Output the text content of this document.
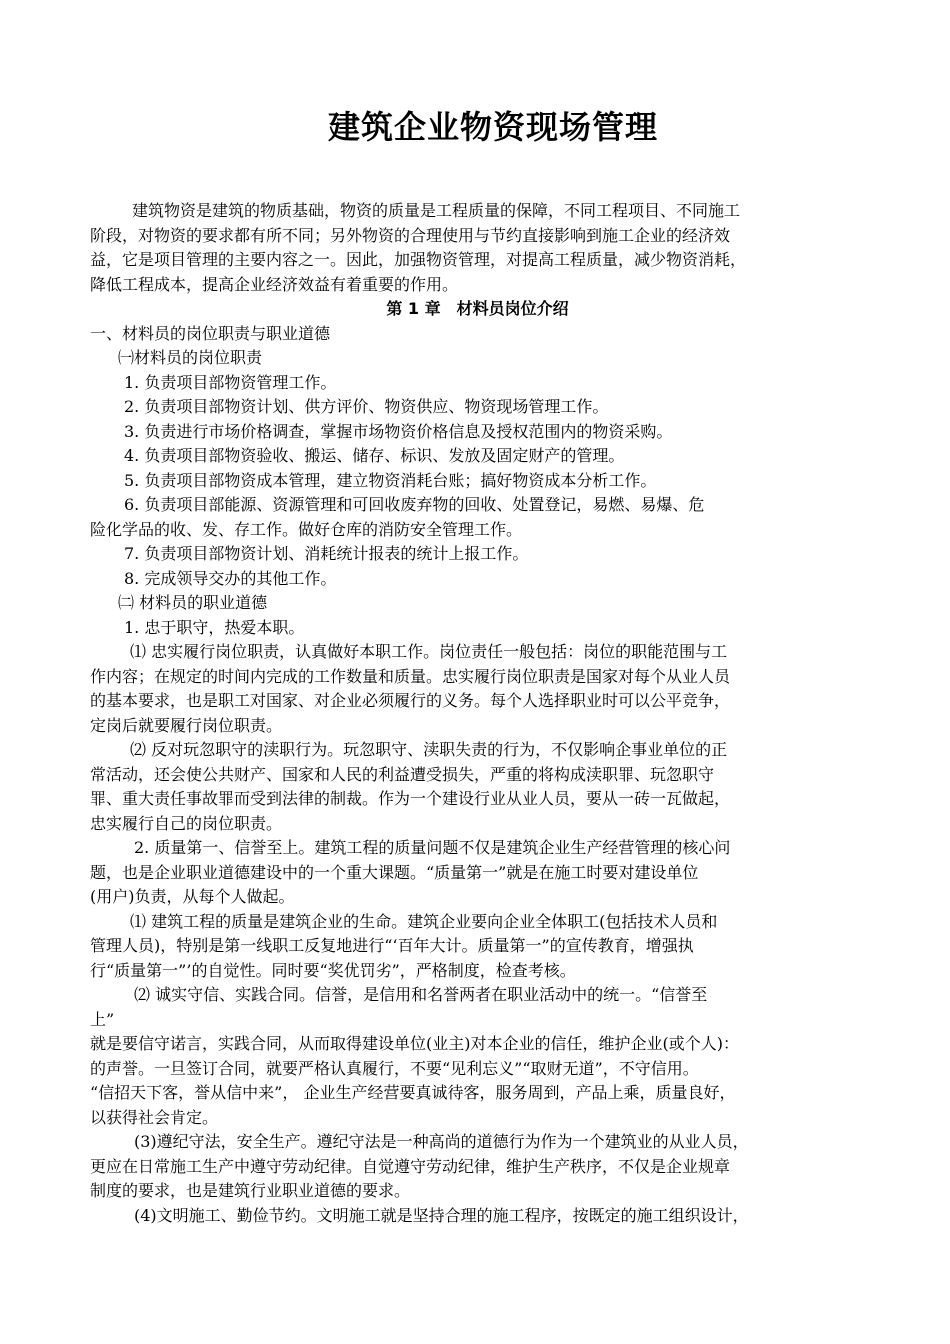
建筑企业物资现场管理
建筑物资是建筑的物质基础，物资的质量是工程质量的保障，不同工程项目、不同施工
阶段，对物资的要求都有所不同；另外物资的合理使用与节约直接影响到施工企业的经济效
益，它是项目管理的主要内容之一。因此，加强物资管理，对提高工程质量，减少物资消耗，
降低工程成本，提高企业经济效益有着重要的作用。
第 1 章　材料员岗位介绍
一、材料员的岗位职责与职业道德
㈠材料员的岗位职责
1. 负责项目部物资管理工作。
2. 负责项目部物资计划、供方评价、物资供应、物资现场管理工作。
3. 负责进行市场价格调查，掌握市场物资价格信息及授权范围内的物资采购。
4. 负责项目部物资验收、搬运、储存、标识、发放及固定财产的管理。
5. 负责项目部物资成本管理，建立物资消耗台账；搞好物资成本分析工作。
6. 负责项目部能源、资源管理和可回收废弃物的回收、处置登记，易燃、易爆、危
险化学品的收、发、存工作。做好仓库的消防安全管理工作。
7. 负责项目部物资计划、消耗统计报表的统计上报工作。
8. 完成领导交办的其他工作。
㈡ 材料员的职业道德
1. 忠于职守，热爱本职。
⑴ 忠实履行岗位职责，认真做好本职工作。岗位责任一般包括：岗位的职能范围与工
作内容；在规定的时间内完成的工作数量和质量。忠实履行岗位职责是国家对每个从业人员
的基本要求，也是职工对国家、对企业必须履行的义务。每个人选择职业时可以公平竞争，
定岗后就要履行岗位职责。
⑵ 反对玩忽职守的渎职行为。玩忽职守、渎职失责的行为，不仅影响企事业单位的正
常活动，还会使公共财产、国家和人民的利益遭受损失，严重的将构成渎职罪、玩忽职守
罪、重大责任事故罪而受到法律的制裁。作为一个建设行业从业人员，要从一砖一瓦做起，
忠实履行自己的岗位职责。
2. 质量第一、信誉至上。建筑工程的质量问题不仅是建筑企业生产经营管理的核心问
题，也是企业职业道德建设中的一个重大课题。“质量第一”就是在施工时要对建设单位
(用户)负责，从每个人做起。
⑴ 建筑工程的质量是建筑企业的生命。建筑企业要向企业全体职工(包括技术人员和
管理人员)，特别是第一线职工反复地进行“‘百年大计。质量第一”的宣传教育，增强执
行“质量第一”’的自觉性。同时要“奖优罚劣”，严格制度，检查考核。
⑵ 诚实守信、实践合同。信誉，是信用和名誉两者在职业活动中的统一。“信誉至
上”
就是要信守诺言，实践合同，从而取得建设单位(业主)对本企业的信任，维护企业(或个人)：
的声誉。一旦签订合同，就要严格认真履行，不要“见利忘义”“取财无道”，不守信用。
“信招天下客，誉从信中来”， 企业生产经营要真诚待客，服务周到，产品上乘，质量良好，
以获得社会肯定。
(3)遵纪守法，安全生产。遵纪守法是一种高尚的道德行为作为一个建筑业的从业人员，
更应在日常施工生产中遵守劳动纪律。自觉遵守劳动纪律，维护生产秩序，不仅是企业规章
制度的要求，也是建筑行业职业道德的要求。
(4)文明施工、勤俭节约。文明施工就是坚持合理的施工程序，按既定的施工组织设计，
